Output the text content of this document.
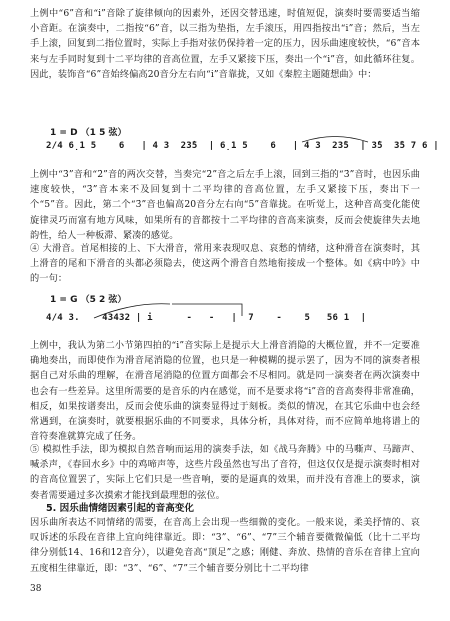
上例中“6”音和“i”音除了旋律倾向的因素外，还因交替迅速，时值短促，演奏时要需要适当缩小音距。在演奏中，二指按“6”音，以三指为垫指，左手滚压，用四指按出“i”音；然后，当左手上滚，回复到二指位置时，实际上手指对弦仍保持着一定的压力，因乐曲速度较快，“6”音本来与左手同时复到十二平均律的音高位置，左手又紧接下压，奏出一个“i”音，如此循环往复。因此，装饰音“6”音始终偏高20音分左右向“i”音靠拢，又如《秦腔主题随想曲》中：

1 = D （1 5 弦）
2/4 6̣1 5    6   | 4 3  23̇5  | 6̣1 5    6   | 4 3  23̇5  | 3̇5  3̇5 7 6 |

上例中“3̇”音和“2̇”音的两次交替，当奏完“2̇”音之后左手上滚，回到三指的“3̇”音时，也因乐曲速度较快，“3̇”音本来不及回复到十二平均律的音高位置，左手又紧接下压，奏出下一个“5”音。因此，第二个“3̇”音也偏高20音分左右向“5”音靠拢。在听觉上，这种音高变化能使旋律灵巧而富有地方风味，如果所有的音都按十二平均律的音高来演奏，反而会使旋律失去地韵性，给人一种板滞、紧凑的感觉。

④ 大滑音。首尾相接的上、下大滑音，常用来表现叹息、哀愁的情绪，这种滑音在演奏时，其上滑音的尾和下滑音的头都必须隐去，使这两个滑音自然地衔接成一个整体。如《病中吟》中的一句：

1 = G （5 2 弦）
4/4 3.    43432 | i      -   -   |  7    -    5   56 1  |

上例中，我认为第二小节第四拍的“i”音实际上是提示大上滑音消隐的大概位置，并不一定要准确地奏出，而即使作为滑音尾消隐的位置，也只是一种模糊的提示罢了，因为不同的演奏者根据自己对乐曲的理解，在滑音尾消隐的位置方面都会不尽相同。就是同一演奏者在两次演奏中也会有一些差异。这里所需要的是音乐的内在感觉，而不是要求将“i”音的音高奏得非常准确，相反，如果按谱奏出，反而会使乐曲的演奏显得过于刻板。类似的情况，在其它乐曲中也会经常遇到，在演奏时，就要根据乐曲的不同要求，具体分析，具体对待，而不应简单地将谱上的音符奏准就算完成了任务。

⑤ 模拟性手法，即为模拟自然音响而运用的演奏手法，如《战马奔腾》中的马嘶声、马蹄声、喊杀声，《春回水乡》中的鸡啼声等，这些片段虽然也写出了音符，但这仅仅是提示演奏时相对的音高位置罢了，实际上它们只是一些音响，要的是逼真的效果，而并没有音准上的要求，演奏者需要通过多次摸索才能找到最理想的弦位。

5. 因乐曲情绪因素引起的音高变化

因乐曲所表达不同情绪的需要，在音高上会出现一些细微的变化。一般来说，柔美抒情的、哀叹诉述的乐段在音律上宜向纯律靠近。即：“3”、“6”、“7”三个辅音要微微偏低（比十二平均律分别低14、16和12音分），以避免音高“顶足”之感；刚健、奔放、热情的音乐在音律上宜向五度相生律靠近，即：“3”、“6”、“7”三个辅音要分别比十二平均律

38
